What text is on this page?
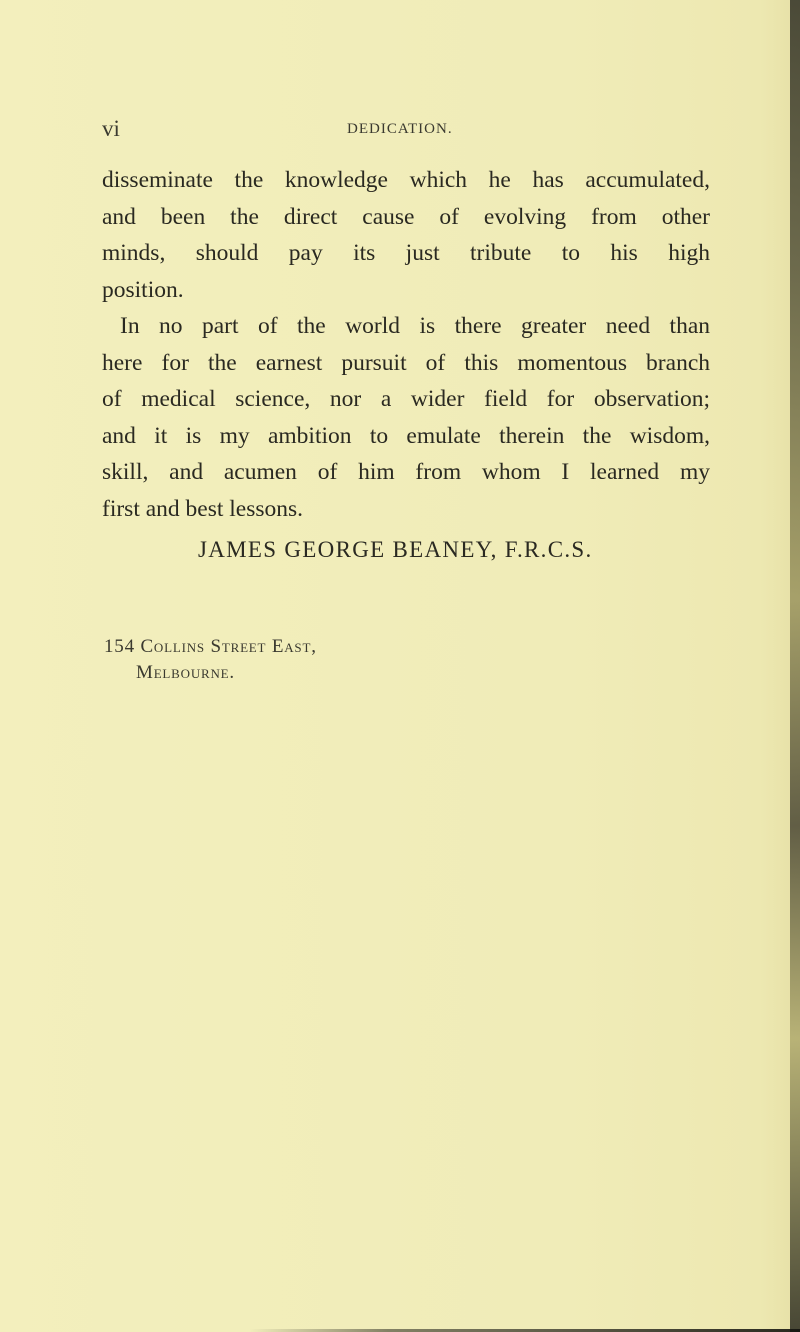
vi	DEDICATION.
disseminate the knowledge which he has accumulated,
and been the direct cause of evolving from other
minds, should pay its just tribute to his high
position.
In no part of the world is there greater need than
here for the earnest pursuit of this momentous branch
of medical science, nor a wider field for observation;
and it is my ambition to emulate therein the wisdom,
skill, and acumen of him from whom I learned my
first and best lessons.
JAMES GEORGE BEANEY, F.R.C.S.
154 Collins Street East,
Melbourne.
